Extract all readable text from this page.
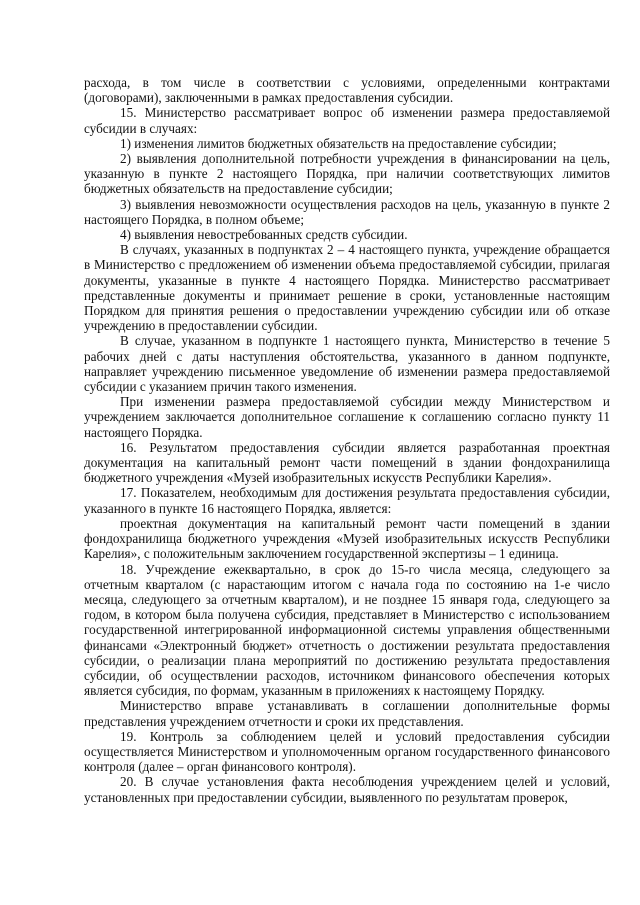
расхода, в том числе в соответствии с условиями, определенными контрактами (договорами), заключенными в рамках предоставления субсидии.

15. Министерство рассматривает вопрос об изменении размера предоставляемой субсидии в случаях:

1) изменения лимитов бюджетных обязательств на предоставление субсидии;

2) выявления дополнительной потребности учреждения в финансировании на цель, указанную в пункте 2 настоящего Порядка, при наличии соответствующих лимитов бюджетных обязательств на предоставление субсидии;

3) выявления невозможности осуществления расходов на цель, указанную в пункте 2 настоящего Порядка, в полном объеме;

4) выявления невостребованных средств субсидии.

В случаях, указанных в подпунктах 2 – 4 настоящего пункта, учреждение обращается в Министерство с предложением об изменении объема предоставляемой субсидии, прилагая документы, указанные в пункте 4 настоящего Порядка. Министерство рассматривает представленные документы и принимает решение в сроки, установленные настоящим Порядком для принятия решения о предоставлении учреждению субсидии или об отказе учреждению в предоставлении субсидии.

В случае, указанном в подпункте 1 настоящего пункта, Министерство в течение 5 рабочих дней с даты наступления обстоятельства, указанного в данном подпункте, направляет учреждению письменное уведомление об изменении размера предоставляемой субсидии с указанием причин такого изменения.

При изменении размера предоставляемой субсидии между Министерством и учреждением заключается дополнительное соглашение к соглашению согласно пункту 11 настоящего Порядка.

16. Результатом предоставления субсидии является разработанная проектная документация на капитальный ремонт части помещений в здании фондохранилища бюджетного учреждения «Музей изобразительных искусств Республики Карелия».

17. Показателем, необходимым для достижения результата предоставления субсидии, указанного в пункте 16 настоящего Порядка, является:

проектная документация на капитальный ремонт части помещений в здании фондохранилища бюджетного учреждения «Музей изобразительных искусств Республики Карелия», с положительным заключением государственной экспертизы – 1 единица.

18. Учреждение ежеквартально, в срок до 15-го числа месяца, следующего за отчетным кварталом (с нарастающим итогом с начала года по состоянию на 1-е число месяца, следующего за отчетным кварталом), и не позднее 15 января года, следующего за годом, в котором была получена субсидия, представляет в Министерство с использованием государственной интегрированной информационной системы управления общественными финансами «Электронный бюджет» отчетность о достижении результата предоставления субсидии, о реализации плана мероприятий по достижению результата предоставления субсидии, об осуществлении расходов, источником финансового обеспечения которых является субсидия, по формам, указанным в приложениях к настоящему Порядку.

Министерство вправе устанавливать в соглашении дополнительные формы представления учреждением отчетности и сроки их представления.

19. Контроль за соблюдением целей и условий предоставления субсидии осуществляется Министерством и уполномоченным органом государственного финансового контроля (далее – орган финансового контроля).

20. В случае установления факта несоблюдения учреждением целей и условий, установленных при предоставлении субсидии, выявленного по результатам проверок,
